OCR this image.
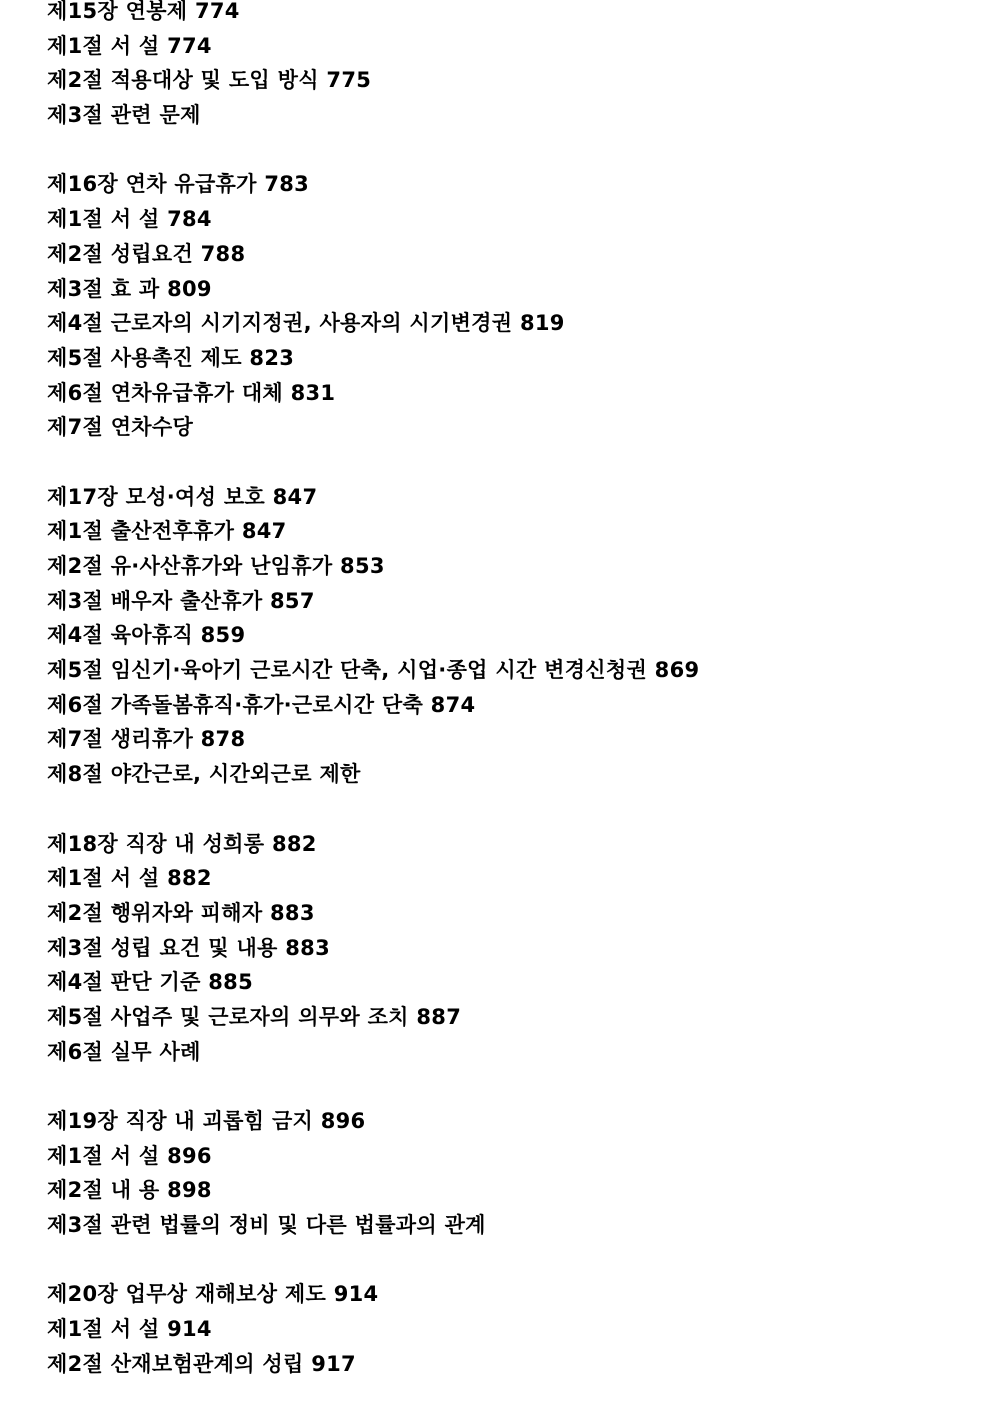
제15장 연봉제 774
제1절 서 설 774
제2절 적용대상 및 도입 방식 775
제3절 관련 문제
제16장 연차 유급휴가 783
제1절 서 설 784
제2절 성립요건 788
제3절 효 과 809
제4절 근로자의 시기지정권, 사용자의 시기변경권 819
제5절 사용촉진 제도 823
제6절 연차유급휴가 대체 831
제7절 연차수당
제17장 모성·여성 보호 847
제1절 출산전후휴가 847
제2절 유·사산휴가와 난임휴가 853
제3절 배우자 출산휴가 857
제4절 육아휴직 859
제5절 임신기·육아기 근로시간 단축, 시업·종업 시간 변경신청권 869
제6절 가족돌봄휴직·휴가·근로시간 단축 874
제7절 생리휴가 878
제8절 야간근로, 시간외근로 제한
제18장 직장 내 성희롱 882
제1절 서 설 882
제2절 행위자와 피해자 883
제3절 성립 요건 및 내용 883
제4절 판단 기준 885
제5절 사업주 및 근로자의 의무와 조치 887
제6절 실무 사례
제19장 직장 내 괴롭힘 금지 896
제1절 서 설 896
제2절 내 용 898
제3절 관련 법률의 정비 및 다른 법률과의 관계
제20장 업무상 재해보상 제도 914
제1절 서 설 914
제2절 산재보험관계의 성립 917
